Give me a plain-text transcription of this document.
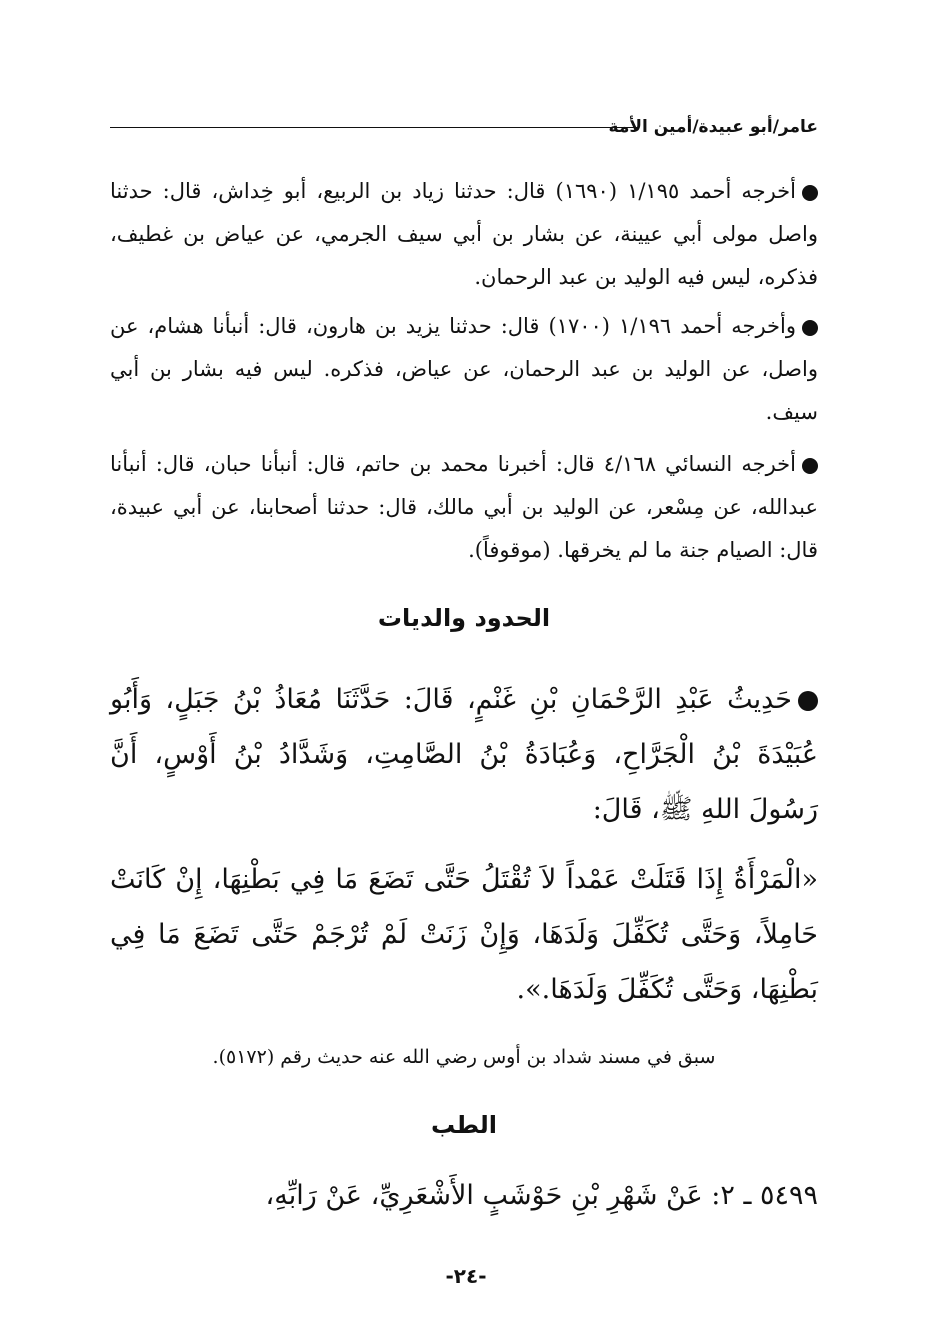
عامر/أبو عبيدة/أمين الأمة
أخرجه أحمد ١/١٩٥ (١٦٩٠) قال: حدثنا زياد بن الربيع، أبو خِداش، قال: حدثنا واصل مولى أبي عيينة، عن بشار بن أبي سيف الجرمي، عن عياض بن غطيف، فذكره، ليس فيه الوليد بن عبد الرحمان.
وأخرجه أحمد ١/١٩٦ (١٧٠٠) قال: حدثنا يزيد بن هارون، قال: أنبأنا هشام، عن واصل، عن الوليد بن عبد الرحمان، عن عياض، فذكره. ليس فيه بشار بن أبي سيف.
أخرجه النسائي ٤/١٦٨ قال: أخبرنا محمد بن حاتم، قال: أنبأنا حبان، قال: أنبأنا عبدالله، عن مِسْعر، عن الوليد بن أبي مالك، قال: حدثنا أصحابنا، عن أبي عبيدة، قال: الصيام جنة ما لم يخرقها. (موقوفاً).
الحدود والديات
حَدِيثُ عَبْدِ الرَّحْمَانِ بْنِ غَنْمٍ، قَالَ: حَدَّثَنَا مُعَاذُ بْنُ جَبَلٍ، وَأَبُو عُبَيْدَةَ بْنُ الْجَرَّاحِ، وَعُبَادَةُ بْنُ الصَّامِتِ، وَشَدَّادُ بْنُ أَوْسٍ، أَنَّ رَسُولَ اللهِ ﷺ، قَالَ:
«الْمَرْأَةُ إِذَا قَتَلَتْ عَمْداً لاَ تُقْتَلُ حَتَّى تَضَعَ مَا فِي بَطْنِهَا، إِنْ كَانَتْ حَامِلاً، وَحَتَّى تُكَفِّلَ وَلَدَهَا، وَإِنْ زَنَتْ لَمْ تُرْجَمْ حَتَّى تَضَعَ مَا فِي بَطْنِهَا، وَحَتَّى تُكَفِّلَ وَلَدَهَا.».
سبق في مسند شداد بن أوس رضي الله عنه حديث رقم (٥١٧٢).
الطب
٥٤٩٩ ـ ٢: عَنْ شَهْرِ بْنِ حَوْشَبٍ الأَشْعَرِيِّ، عَنْ رَابِّهِ،
-٢٤-
